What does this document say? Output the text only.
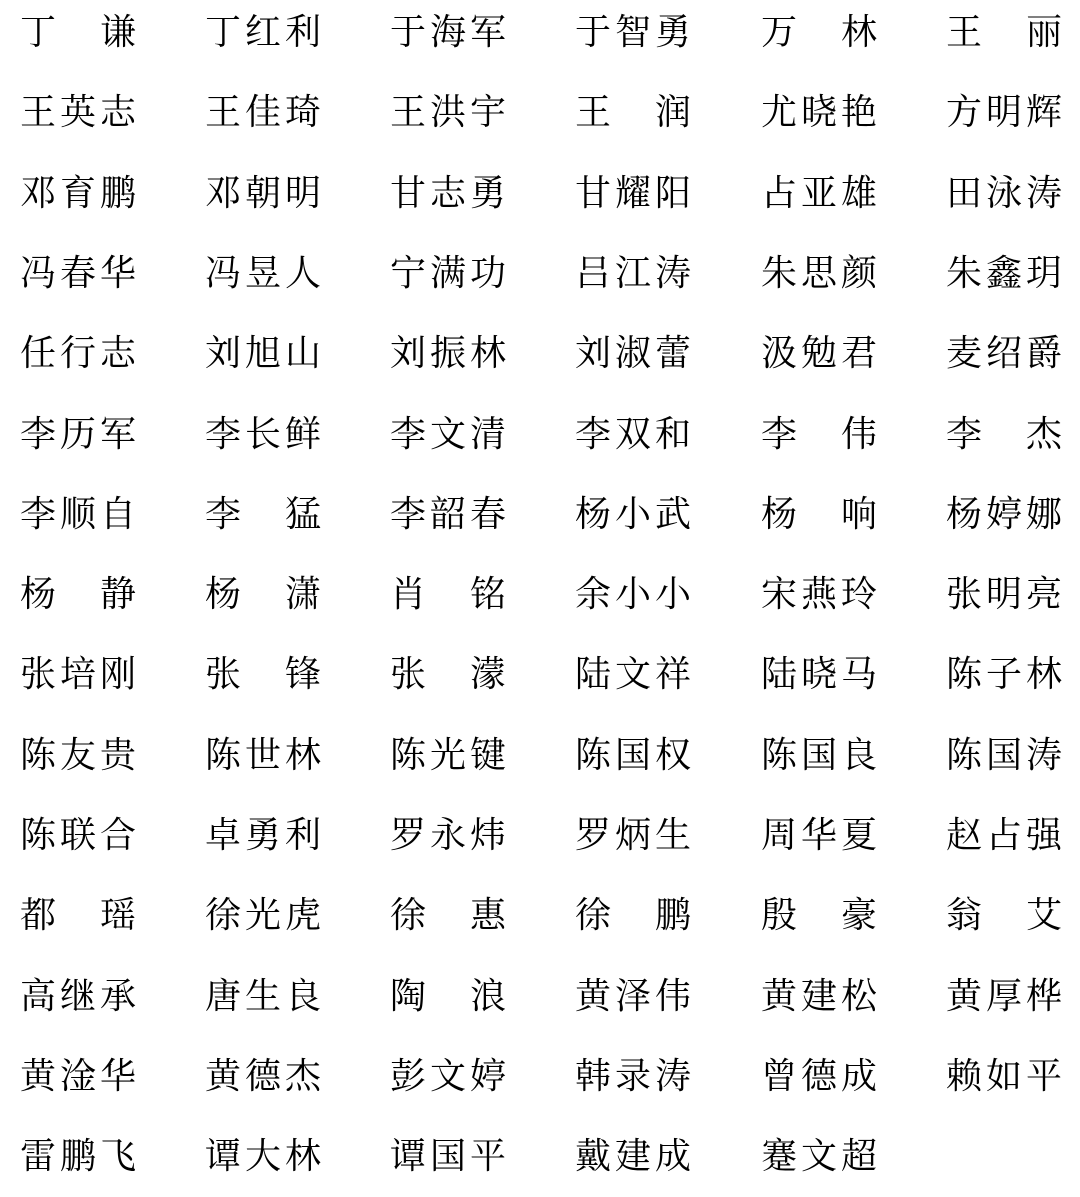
丁 谦 丁 红 利 于 海 军 于 智 勇 万 林 王 丽
王 英 志 王 佳 琦 王 洪 宇 王 润 尤 晓 艳 方 明 辉
邓 育 鹏 邓 朝 明 甘 志 勇 甘 耀 阳 占 亚 雄 田 泳 涛
冯 春 华 冯 昱 人 宁 满 功 吕 江 涛 朱 思 颜 朱 鑫 玥
任 行 志 刘 旭 山 刘 振 林 刘 淑 蕾 汲 勉 君 麦 绍 爵
李 历 军 李 长 鲜 李 文 清 李 双 和 李 伟 李 杰
李 顺 自 李 猛 李 韶 春 杨 小 武 杨 响 杨 婷 娜
杨 静 杨 潇 肖 铭 余 小 小 宋 燕 玲 张 明 亮
张 培 刚 张 锋 张 濛 陆 文 祥 陆 晓 马 陈 子 林
陈 友 贵 陈 世 林 陈 光 键 陈 国 权 陈 国 良 陈 国 涛
陈 联 合 卓 勇 利 罗 永 炜 罗 炳 生 周 华 夏 赵 占 强
都 瑶 徐 光 虎 徐 惠 徐 鹏 殷 豪 翁 艾
高 继 承 唐 生 良 陶 浪 黄 泽 伟 黄 建 松 黄 厚 桦
黄 淦 华 黄 德 杰 彭 文 婷 韩 录 涛 曾 德 成 赖 如 平
雷 鹏 飞 谭 大 林 谭 国 平 戴 建 成 蹇 文 超
